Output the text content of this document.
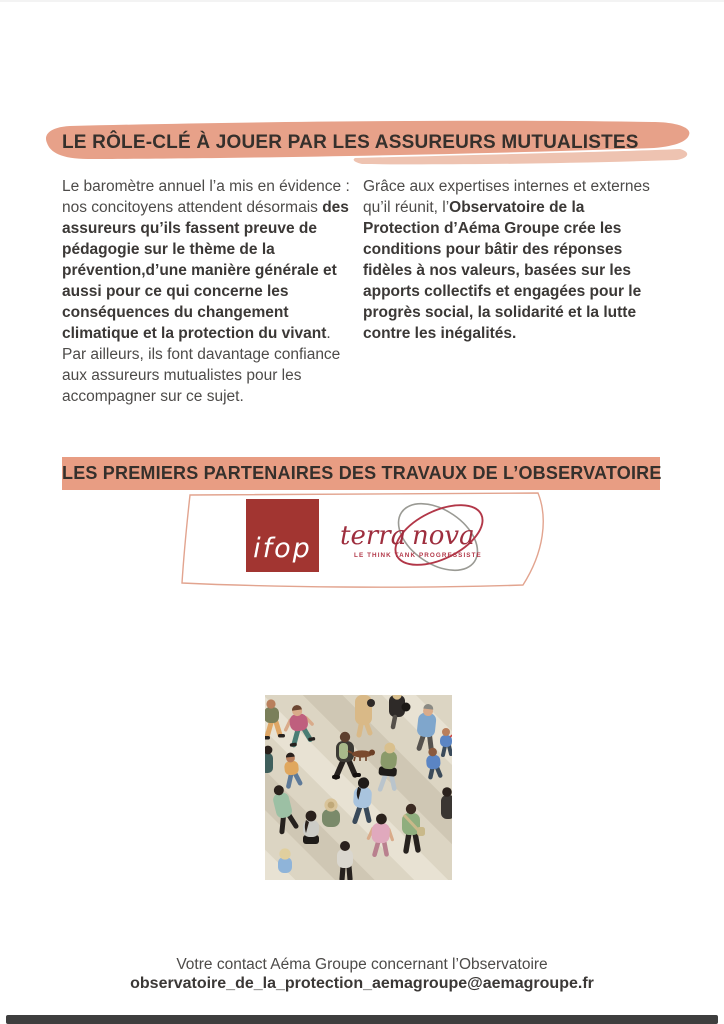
LE RÔLE-CLÉ À JOUER PAR LES ASSUREURS MUTUALISTES
Le baromètre annuel l’a mis en évidence : nos concitoyens attendent désormais des assureurs qu’ils fassent preuve de pédagogie sur le thème de la prévention,d’une manière générale et aussi pour ce qui concerne les conséquences du changement climatique et la protection du vivant. Par ailleurs, ils font davantage confiance aux assureurs mutualistes pour les accompagner sur ce sujet.
Grâce aux expertises internes et externes qu’il réunit, l’Observatoire de la Protection d’Aéma Groupe crée les conditions pour bâtir des réponses fidèles à nos valeurs, basées sur les apports collectifs et engagées pour le progrès social, la solidarité et la lutte contre les inégalités.
LES PREMIERS PARTENAIRES DES TRAVAUX DE L’OBSERVATOIRE
ifop terra nova
LE THINK TANK PROGRESSISTE
Votre contact Aéma Groupe concernant l’Observatoire
observatoire_de_la_protection_aemagroupe@aemagroupe.fr
